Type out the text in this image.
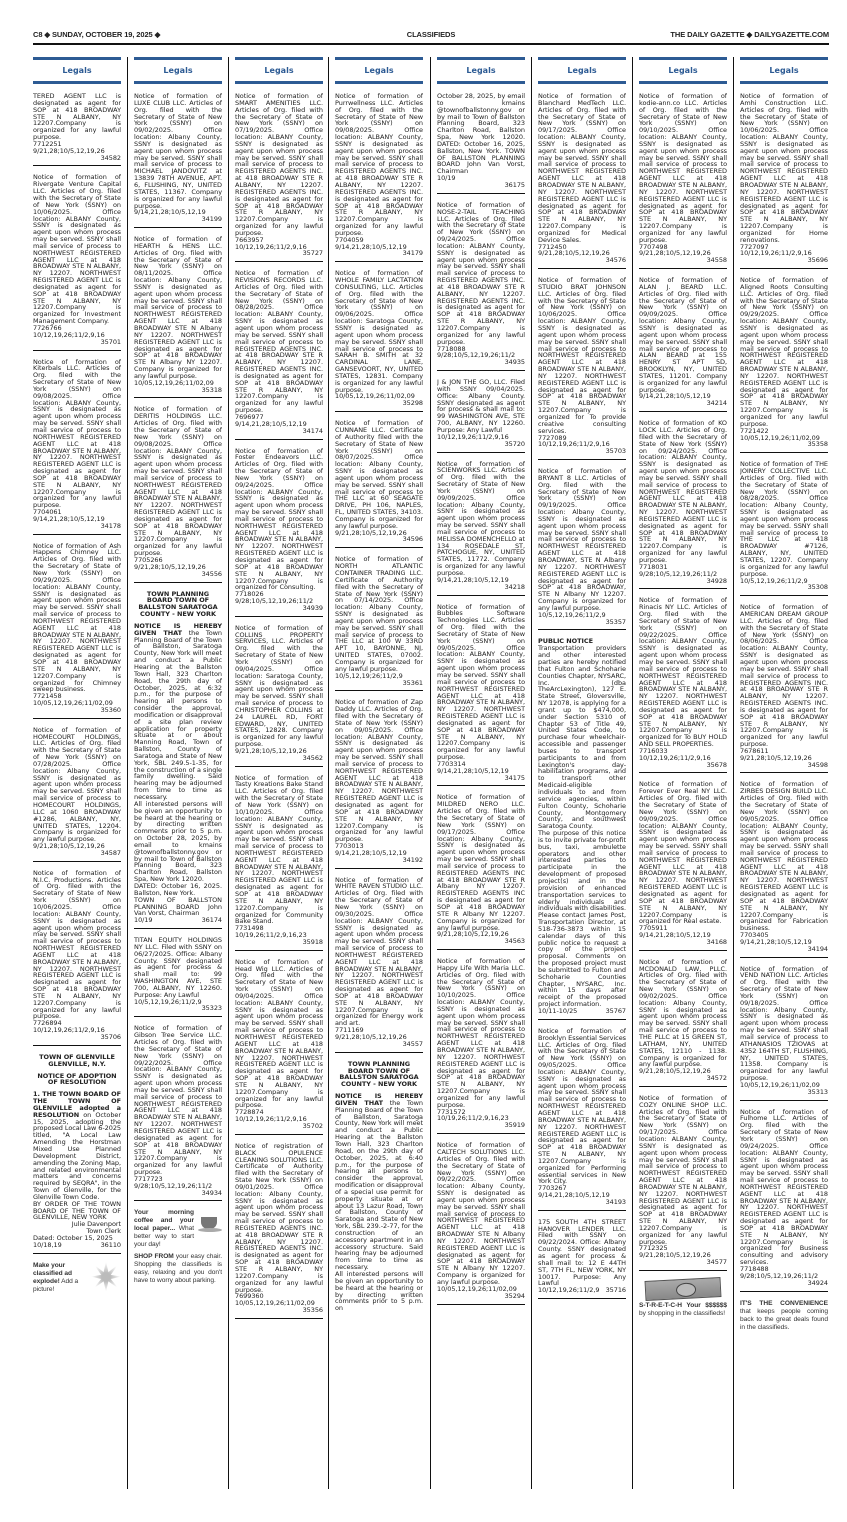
C8 ◆ SUNDAY, OCTOBER 19, 2025 ◆	CLASSIFIEDS	THE DAILY GAZETTE ◆ DAILYGAZETTE.COM
Legals

TERED AGENT LLC is designated as agent for SOP at 418 BROADWAY STE N ALBANY, NY 12207.Company is organized for any lawful purpose.

7712251
9/21,28;10/5,12,19,26
34582

Notice of formation of Rivergate Venture Capital LLC. Articles of Org. filed with the Secretary of State of New York (SSNY) on 10/06/2025. Office location: ALBANY County, SSNY is designated as agent upon whom process may be served. SSNY shall mail service of process to NORTHWEST REGISTERED AGENT LLC at 418 BROADWAY STE N ALBANY, NY 12207. NORTHWEST REGISTERED AGENT LLC is designated as agent for SOP at 418 BROADWAY STE N ALBANY, NY 12207.Company is organized for Investment Management Company.

7726766
10/12,19,26;11/2,9,16
35701

Notice of formation of Kiterbals LLC. Articles of Org. filed with the Secretary of State of New York (SSNY) on 09/08/2025. Office location: ALBANY County, SSNY is designated as agent upon whom process may be served. SSNY shall mail service of process to NORTHWEST REGISTERED AGENT LLC at 418 BROADWAY STE N ALBANY, NY 12207. NORTHWEST REGISTERED AGENT LLC is designated as agent for SOP at 418 BROADWAY STE N ALBANY, NY 12207.Company is organized for any lawful purpose.

7704061
9/14,21,28;10/5,12,19
34178

Notice of formation of Ash Happens Chimney LLC. Articles of Org. filed with the Secretary of State of New York (SSNY) on 09/29/2025. Office location: ALBANY County, SSNY is designated as agent upon whom process may be served. SSNY shall mail service of process to NORTHWEST REGISTERED AGENT LLC at 418 BROADWAY STE N ALBANY, NY 12207. NORTHWEST REGISTERED AGENT LLC is designated as agent for SOP at 418 BROADWAY STE N ALBANY, NY 12207.Company is organized for Chimney sweep business.

7721458
10/05,12,19,26;11/02,09
35360

Notice of formation of HOMECOURT HOLDINGS, LLC. Articles of Org. filed with the Secretary of State of New York (SSNY) on 07/28/2025. Office location: Albany County, SSNY is designated as agent upon whom process may be served. SSNY shall mail service of process to HOMECOURT HOLDINGS, LLC at 1060 BROADWAY #1286, ALBANY, NY, UNITED STATES, 12204. Company is organized for any lawful purpose.

9/21,28;10/5,12,19,26
34587

Notice of formation of N.I.C. Productions. Articles of Org. filed with the Secretary of State of New York (SSNY) on 10/06/2025. Office location: ALBANY County, SSNY is designated as agent upon whom process may be served. SSNY shall mail service of process to NORTHWEST REGISTERED AGENT LLC at 418 BROADWAY STE N ALBANY, NY 12207. NORTHWEST REGISTERED AGENT LLC is designated as agent for SOP at 418 BROADWAY STE N ALBANY, NY 12207.Company is organized for any lawful purpose.

7726894
10/12,19,26;11/2,9,16
35706
TOWN OF GLENVILLE GLENVILLE, N.Y.
NOTICE OF ADOPTION OF RESOLUTION

1. THE TOWN BOARD OF THE TOWN OF GLENVILLE adopted a RESOLUTION on October 15, 2025, adopting the proposed Local Law 6-2025 titled, "A Local Law Amending the Horstman Mixed Use Planned Development District, amending the Zoning Map, and related environmental matters and concerns required by SEQRA", in the Town of Glenville, for the Glenville Town Code.

BY ORDER OF THE TOWN BOARD OF THE TOWN OF GLENVILLE, NEW YORK

Julie Davenport

Town Clerk

Dated: October 15, 2025

10/18,19	36110
Make your classified ad explode! Add a picture!
Legals

Notice of formation of LUXE CLUB LLC. Articles of Org. filed with the Secretary of State of New York (SSNY) on 09/02/2025. Office location: Albany County, SSNY is designated as agent upon whom process may be served. SSNY shall mail service of process to MICHAEL JANDOVITZ at 13839 78TH AVENUE, APT. 6, FLUSHING, NY, UNITED STATES, 11367. Company is organized for any lawful purpose.

9/14,21,28;10/5,12,19
34199

Notice of formation of HEARTH & HENS LLC. Articles of Org. filed with the Secretary of State of New York (SSNY) on 08/11/2025. Office location: Albany County, SSNY is designated as agent upon whom process may be served. SSNY shall mail service of process to NORTHWEST REGISTERED AGENT LLC at 418 BROADWAY STE N Albany NY 12207. NORTHWEST REGISTERED AGENT LLC is designated as agent for SOP at 418 BROADWAY STE N Albany NY 12207. Company is organized for any lawful purpose.

10/05,12,19,26;11/02,09
35318

Notice of formation of DERITIS HOLDINGS LLC. Articles of Org. filed with the Secretary of State of New York (SSNY) on 09/08/2025. Office location: ALBANY County, SSNY is designated as agent upon whom process may be served. SSNY shall mail service of process to NORTHWEST REGISTERED AGENT LLC at 418 BROADWAY STE N ALBANY, NY 12207. NORTHWEST REGISTERED AGENT LLC is designated as agent for SOP at 418 BROADWAY STE N ALBANY, NY 12207.Company is organized for any lawful purpose.

7705266
9/21,28;10/5,12,19,26
34556
TOWN PLANNING BOARD TOWN OF BALLSTON SARATOGA COUNTY - NEW YORK

NOTICE IS HEREBY GIVEN THAT the Town Planning Board of the Town of Ballston, Saratoga County, New York will meet and conduct a Public Hearing at the Ballston Town Hall, 323 Charlton Road, the 29th day of October, 2025, at 6:32 p.m., for the purpose of hearing all persons to consider the approval, modification or disapproval of a site plan review application for property situate at or about Manning Road, Town of Ballston, County of Saratoga and State of New York, SBL 249.5-1-35, for the construction of a single family dwelling. Said hearing may be adjourned from time to time as necessary.

All interested persons will be given an opportunity to be heard at the hearing or by directing written comments prior to 5 p.m. on October 28, 2025, by email to kmains @townofballstonny.gov or by mail to Town of Ballston Planning Board, 323 Charlton Road, Ballston Spa, New York 12020.

DATED: October 16, 2025. Ballston, New York.

TOWN OF BALLSTON PLANNING BOARD John Van Vorst, Chairman

10/19	36174

TITAN EQUITY HOLDINGS NY LLC. Filed with SSNY on 06/27/2025. Office: Albany County. SSNY designated as agent for process & shall mail to: 99 WASHINGTON AVE, STE 700, ALBANY, NY 12260. Purpose: Any Lawful

10/5,12,19,26;11/2,9
35323

Notice of formation of Gibson Tree Service LLC. Articles of Org. filed with the Secretary of State of New York (SSNY) on 09/22/2025. Office location: ALBANY County, SSNY is designated as agent upon whom process may be served. SSNY shall mail service of process to NORTHWEST REGISTERED AGENT LLC at 418 BROADWAY STE N ALBANY, NY 12207. NORTHWEST REGISTERED AGENT LLC is designated as agent for SOP at 418 BROADWAY STE N ALBANY, NY 12207.Company is organized for any lawful purpose.

7717723
9/28;10/5,12,19,26;11/2
34934
Your morning coffee and your local paper... What better way to start your day!
SHOP FROM your easy chair. Shopping the classifieds is easy, relaxing and you don't have to worry about parking.
Legals

Notice of formation of SMART AMENITIES LLC. Articles of Org. filed with the Secretary of State of New York (SSNY) on 07/19/2025. Office location: ALBANY County, SSNY is designated as agent upon whom process may be served. SSNY shall mail service of process to REGISTERED AGENTS INC. at 418 BROADWAY STE R ALBANY, NY 12207. REGISTERED AGENTS INC. is designated as agent for SOP at 418 BROADWAY STE R ALBANY, NY 12207.Company is organized for any lawful purpose.

7663957
10/12,19,26;11/2,9,16
35727

Notice of formation of REVISIONS RECORDS LLC. Articles of Org. filed with the Secretary of State of New York (SSNY) on 08/28/2025. Office location: ALBANY County, SSNY is designated as agent upon whom process may be served. SSNY shall mail service of process to REGISTERED AGENTS INC. at 418 BROADWAY STE R ALBANY, NY 12207. REGISTERED AGENTS INC. is designated as agent for SOP at 418 BROADWAY STE R ALBANY, NY 12207.Company is organized for any lawful purpose.

7696977
9/14,21,28;10/5,12,19
34174

Notice of formation of Foster Endeavors LLC. Articles of Org. filed with the Secretary of State of New York (SSNY) on 09/24/2025. Office location: ALBANY County, SSNY is designated as agent upon whom process may be served. SSNY shall mail service of process to NORTHWEST REGISTERED AGENT LLC at 418 BROADWAY STE N ALBANY, NY 12207. NORTHWEST REGISTERED AGENT LLC is designated as agent for SOP at 418 BROADWAY STE N ALBANY, NY 12207.Company is organized for Consulting.

7718026
9/28;10/5,12,19,26;11/2
34939

Notice of formation of COLLINS PROPERTY SERVICES, LLC. Articles of Org. filed with the Secretary of State of New York (SSNY) on 09/04/2025. Office location: Saratoga County, SSNY is designated as agent upon whom process may be served. SSNY shall mail service of process to CHRISTOPHER COLLINS at 24 LAUREL RD, FORT EDWARD, NY, UNITED STATES, 12828. Company is organized for any lawful purpose.

9/21,28;10/5,12,19,26
34562

Notice of formation of Tasty Kreations Bake Stand LLC. Articles of Org. filed with the Secretary of State of New York (SSNY) on 10/10/2025. Office location: ALBANY County, SSNY is designated as agent upon whom process may be served. SSNY shall mail service of process to NORTHWEST REGISTERED AGENT LLC at 418 BROADWAY STE N ALBANY, NY 12207. NORTHWEST REGISTERED AGENT LLC is designated as agent for SOP at 418 BROADWAY STE N ALBANY, NY 12207.Company is organized for Community Bake Stand.

7731498
10/19,26;11/2,9,16,23
35918

Notice of formation of Head Wig LLC. Articles of Org. filed with the Secretary of State of New York (SSNY) on 09/04/2025. Office location: ALBANY County, SSNY is designated as agent upon whom process may be served. SSNY shall mail service of process to NORTHWEST REGISTERED AGENT LLC at 418 BROADWAY STE N ALBANY, NY 12207. NORTHWEST REGISTERED AGENT LLC is designated as agent for SOP at 418 BROADWAY STE N ALBANY, NY 12207.Company is organized for any lawful purpose.

7728874
10/12,19,26;11/2,9,16
35702

Notice of registration of BLACK OPULENCE CLEANING SOLUTIONS LLC. Certificate of Authority filed with the Secretary of State New York (SSNY) on 09/01/2025. Office location: Albany County, SSNY is designated as agent upon whom process may be served. SSNY shall mail service of process to REGISTERED AGENTS INC. at 418 BROADWAY STE R ALBANY, NY 12207. REGISTERED AGENTS INC. is designated as agent for SOP at 418 BROADWAY STE R ALBANY, NY 12207.Company is organized for any lawful purpose.

7699360
10/05,12,19,26;11/02,09
35356
Legals

Notice of formation of Purrwellness LLC. Articles of Org. filed with the Secretary of State of New York (SSNY) on 09/08/2025. Office location: ALBANY County, SSNY is designated as agent upon whom process may be served. SSNY shall mail service of process to REGISTERED AGENTS INC. at 418 BROADWAY STE R ALBANY, NY 12207. REGISTERED AGENTS INC. is designated as agent for SOP at 418 BROADWAY STE R ALBANY, NY 12207.Company is organized for any lawful purpose.

7704059
9/14,21,28;10/5,12,19
34179

Notice of formation of WHOLE FAMILY LACTATION CONSULTING, LLC. Articles of Org. filed with the Secretary of State of New York (SSNY) on 09/06/2025. Office location: Saratoga County, SSNY is designated as agent upon whom process may be served. SSNY shall mail service of process to SARAH B. SMITH at 32 CARDINAL LANE, GANSEVOORT, NY, UNITED STATES, 12831. Company is organized for any lawful purpose.

10/05,12,19,26;11/02,09
35298

Notice of formation of CUNNANE LLC. Certificate of Authority filed with the Secretary of State of New York (SSNY) on 08/07/2025. Office location: Albany County, SSNY is designated as agent upon whom process may be served. SSNY shall mail service of process to THE LLC at 60 SEAGATE DRIVE, PH 106, NAPLES, FL, UNITED STATES, 34103. Company is organized for any lawful purpose.

9/21,28;10/5,12,19,26
34596

Notice of formation of NORTH ATLANTIC CONTAINER TRADING LLC. Certificate of Authority filed with the Secretary of State of New York (SSNY) on 07/14/2025. Office location: Albany County, SSNY is designated as agent upon whom process may be served. SSNY shall mail service of process to THE LLC at 100 W 33RD APT 10, BAYONNE, NJ, UNITED STATES, 07002. Company is organized for any lawful purpose.

10/5,12,19;26;11/2,9
35361

Notice of formation of Zap Daddy LLC. Articles of Org. filed with the Secretary of State of New York (SSNY) on 09/05/2025. Office location: ALBANY County, SSNY is designated as agent upon whom process may be served. SSNY shall mail service of process to NORTHWEST REGISTERED AGENT LLC at 418 BROADWAY STE N ALBANY, NY 12207. NORTHWEST REGISTERED AGENT LLC is designated as agent for SOP at 418 BROADWAY STE N ALBANY, NY 12207.Company is organized for any lawful purpose.

7703013
9/14,21,28;10/5,12,19
34192

Notice of formation of WHITE RAVEN STUDIO LLC. Articles of Org. filed with the Secretary of State of New York (SSNY) on 09/30/2025. Office location: ALBANY County, SSNY is designated as agent upon whom process may be served. SSNY shall mail service of process to NORTHWEST REGISTERED AGENT LLC at 418 BROADWAY STE N ALBANY, NY 12207. NORTHWEST REGISTERED AGENT LLC is designated as agent for SOP at 418 BROADWAY STE N ALBANY, NY 12207.Company is organized for Energy work and art.

7711169
9/21,28;10/5,12,19,26
34557
TOWN PLANNING BOARD TOWN OF BALLSTON SARATOGA COUNTY - NEW YORK

NOTICE IS HEREBY GIVEN THAT the Town Planning Board of the Town of Ballston, Saratoga County, New York will meet and conduct a Public Hearing at the Ballston Town Hall, 323 Charlton Road, on the 29th day of October, 2025, at 6:40 p.m., for the purpose of hearing all persons to consider the approval, modification or disapproval of a special use permit for property situate at or about 13 Lazur Road, Town of Ballston, County of Saratoga and State of New York, SBL 239.-2-77, for the construction of an accessory apartment in an accessory structure. Said hearing may be adjourned from time to time as necessary.

All interested persons will be given an opportunity to be heard at the hearing or by directing written comments prior to 5 p.m. on

Legals

October 28, 2025, by email to kmains @townofballstonny.gov or by mail to Town of Ballston Planning Board, 323 Charlton Road, Ballston Spa, New York 12020. DATED: October 16, 2025, Ballston, New York. TOWN OF BALLSTON PLANNING BOARD John Van Vorst, Chairman

10/19
36175

Notice of formation of NOSE-2-TAIL TEACHING LLC. Articles of Org. filed with the Secretary of State of New York (SSNY) on 09/24/2025. Office location: ALBANY County, SSNY is designated as agent upon whom process may be served. SSNY shall mail service of process to REGISTERED AGENTS INC. at 418 BROADWAY STE R ALBANY, NY 12207. REGISTERED AGENTS INC. is designated as agent for SOP at 418 BROADWAY STE R ALBANY, NY 12207.Company is organized for any lawful purpose.

7718088
9/28;10/5,12,19,26;11/2
34935

J & JON THE GO, LLC. Filed with SSNY 09/04/2025. Office: Albany County. SSNY designated as agent for process & shall mail to: 99 WASHINGTON AVE, STE 700, ALBANY, NY 12260. Purpose: Any Lawful

10/12,19,26;11/2,9,16
35720

Notice of formation of SCIENWORKS LLC. Articles of Org. filed with the Secretary of State of New York (SSNY) on 09/09/2025. Office location: Albany County, SSNY is designated as agent upon whom process may be served. SSNY shall mail service of process to MELISSA DOMENCHELLO at 134 ROSEDALE ST, PATCHOGUE, NY, UNITED STATES, 11772. Company is organized for any lawful purpose.

9/14,21,28;10/5,12,19
34218

Notice of formation of Bubbles Software Technologies LLC. Articles of Org. filed with the Secretary of State of New York (SSNY) on 09/05/2025. Office location: ALBANY County, SSNY is designated as agent upon whom process may be served. SSNY shall mail service of process to NORTHWEST REGISTERED AGENT LLC at 418 BROADWAY STE N ALBANY, NY 12207. NORTHWEST REGISTERED AGENT LLC is designated as agent for SOP at 418 BROADWAY STE N ALBANY, NY 12207.Company is organized for any lawful purpose.

7703314
9/14,21,28;10/5,12,19
34175

Notice of formation of MILDRED NERO LLC. Articles of Org. filed with the Secretary of State of New York (SSNY) on 09/17/2025. Office location: Albany County, SSNY is designated as agent upon whom process may be served. SSNY shall mail service of process to REGISTERED AGENTS INC at 418 BROADWAY STE R Albany NY 12207. REGISTERED AGENTS INC is designated as agent for SOP at 418 BROADWAY STE R Albany NY 12207. Company is organized for any lawful purpose.

9/21,28;10/5,12,19,26
34563

Notice of formation of Happy Life With Maria LLC. Articles of Org. filed with the Secretary of State of New York (SSNY) on 10/10/2025. Office location: ALBANY County, SSNY is designated as agent upon whom process may be served. SSNY shall mail service of process to NORTHWEST REGISTERED AGENT LLC at 418 BROADWAY STE N ALBANY, NY 12207. NORTHWEST REGISTERED AGENT LLC is designated as agent for SOP at 418 BROADWAY STE N ALBANY, NY 12207.Company is organized for any lawful purpose.

7731572
10/19,26;11/2,9,16,23
35919

Notice of formation of CALTECH SOLUTIONS LLC. Articles of Org. filed with the Secretary of State of New York (SSNY) on 09/22/2025. Office location: Albany County, SSNY is designated as agent upon whom process may be served. SSNY shall mail service of process to NORTHWEST REGISTERED AGENT LLC at 418 BROADWAY STE N Albany NY 12207. NORTHWEST REGISTERED AGENT LLC is designated as agent for SOP at 418 BROADWAY STE N Albany NY 12207. Company is organized for any lawful purpose.

10/05,12,19,26;11/02,09
35294
Legals

Notice of formation of Blanchard MedTech LLC. Articles of Org. filed with the Secretary of State of New York (SSNY) on 09/17/2025. Office location: ALBANY County, SSNY is designated as agent upon whom process may be served. SSNY shall mail service of process to NORTHWEST REGISTERED AGENT LLC at 418 BROADWAY STE N ALBANY, NY 12207. NORTHWEST REGISTERED AGENT LLC is designated as agent for SOP at 418 BROADWAY STE N ALBANY, NY 12207.Company is organized for Medical Device Sales.

7712450
9/21,28;10/5,12,19,26
34576

Notice of formation of STUDIO BRAT JOHNSON LLC. Articles of Org. filed with the Secretary of State of New York (SSNY) on 10/06/2025. Office location: ALBANY County, SSNY is designated as agent upon whom process may be served. SSNY shall mail service of process to NORTHWEST REGISTERED AGENT LLC at 418 BROADWAY STE N ALBANY, NY 12207. NORTHWEST REGISTERED AGENT LLC is designated as agent for SOP at 418 BROADWAY STE N ALBANY, NY 12207.Company is organized for To provide creative consulting services.

7727089
10/12,19,26;11/2,9,16
35703

Notice of formation of BRYANT 8 LLC. Articles of Org. filed with the Secretary of State of New York (SSNY) on 09/19/2025. Office location: Albany County, SSNY is designated as agent upon whom process may be served. SSNY shall mail service of process to NORTHWEST REGISTERED AGENT LLC at 418 BROADWAY, STE N Albany NY 12207. NORTHWEST REGISTERED AGENT LLC is designated as agent for SOP at 418 BROADWAY, STE N Albany NY 12207. Company is organized for any lawful purpose.

10/5,12,19,26;11/2,9
35357
PUBLIC NOTICE

Transportation providers and other interested parties are hereby notified that Fulton and Schoharie Counties Chapter, NYSARC, Inc. (dba TheArcLexington), 127 E. State Street, Gloversville, NY 12078, is applying for a grant up to $474,000, under Section 5310 of Chapter 53 of Title 49, United States Code, to purchase four wheelchair-accessible and passenger buses to transport participants to and from Lexington's day-habilitation programs, and to transport other Medicaid-eligible individuals to and from service agencies, within Fulton County, Schoharie County, Montgomery County, and southwest Saratoga County.

The purpose of this notice is to invite private for-profit bus, taxi, ambulette operators and other interested parties to participate in the development of proposed project(s) and in the provision of enhanced transportation services to elderly individuals and individuals with disabilities. Please contact James Post, Transportation Director, at 518-736-3873 within 15 calendar days of this public notice to request a copy of the project proposal. Comments on the proposed project must be submitted to Fulton and Schoharie Counties Chapter, NYSARC, Inc. within 15 days after receipt of the proposed project information.

10/11-10/25	35767

Notice of formation of Brooklyn Essential Services LLC. Articles of Org. filed with the Secretary of State of New York (SSNY) on 09/05/2025. Office location: ALBANY County, SSNY is designated as agent upon whom process may be served. SSNY shall mail service of process to NORTHWEST REGISTERED AGENT LLC at 418 BROADWAY STE N ALBANY, NY 12207. NORTHWEST REGISTERED AGENT LLC is designated as agent for SOP at 418 BROADWAY STE N ALBANY, NY 12207.Company is organized for Performing essential services in New York City.

7703267
9/14,21,28;10/5,12,19
34193

175 SOUTH 4TH STREET HANOVER LENDER LLC. Filed with SSNY on 09/22/2024. Office: Albany County. SSNY designated as agent for process & shall mail to: 12 E 44TH ST, 7TH FL, NEW YORK, NY 10017. Purpose: Any Lawful

10/12,19,26;11/2,9 35716
Legals

Notice of formation of kodie-ann.co LLC. Articles of Org. filed with the Secretary of State of New York (SSNY) on 09/10/2025. Office location: ALBANY County, SSNY is designated as agent upon whom process may be served. SSNY shall mail service of process to NORTHWEST REGISTERED AGENT LLC at 418 BROADWAY STE N ALBANY, NY 12207. NORTHWEST REGISTERED AGENT LLC is designated as agent for SOP at 418 BROADWAY STE N ALBANY, NY 12207.Company is organized for any lawful purpose.

7707498
9/21,28;10/5,12,19,26
34558

Notice of formation of ALAN J. BEARD LLC. Articles of Org. filed with the Secretary of State of New York (SSNY) on 09/09/2025. Office location: Albany County, SSNY is designated as agent upon whom process may be served. SSNY shall mail service of process to ALAN BEARD at 155 HENRY ST APT 5D, BROOKLYN, NY, UNITED STATES, 11201. Company is organized for any lawful purpose.

9/14,21,28;10/5,12,19
34214

Notice of formation of KO LOCK LLC. Articles of Org. filed with the Secretary of State of New York (SSNY) on 09/24/2025. Office location: ALBANY County, SSNY is designated as agent upon whom process may be served. SSNY shall mail service of process to NORTHWEST REGISTERED AGENT LLC at 418 BROADWAY STE N ALBANY, NY 12207. NORTHWEST REGISTERED AGENT LLC is designated as agent for SOP at 418 BROADWAY STE N ALBANY, NY 12207.Company is organized for any lawful purpose.

7718031
9/28;10/5,12,19,26;11/2
34928

Notice of formation of Rinacis NY LLC. Articles of Org. filed with the Secretary of State of New York (SSNY) on 09/22/2025. Office location: ALBANY County, SSNY is designated as agent upon whom process may be served. SSNY shall mail service of process to NORTHWEST REGISTERED AGENT LLC at 418 BROADWAY STE N ALBANY, NY 12207. NORTHWEST REGISTERED AGENT LLC is designated as agent for SOP at 418 BROADWAY STE N ALBANY, NY 12207.Company is organized for To BUY HOLD AND SELL PROPERTIES.

7716033
10/12,19,26;11/2,9,16
35678

Notice of formation of Forever Ever Real NY LLC. Articles of Org. filed with the Secretary of State of New York (SSNY) on 09/09/2025. Office location: ALBANY County, SSNY is designated as agent upon whom process may be served. SSNY shall mail service of process to NORTHWEST REGISTERED AGENT LLC at 418 BROADWAY STE N ALBANY, NY 12207. NORTHWEST REGISTERED AGENT LLC is designated as agent for SOP at 418 BROADWAY STE N ALBANY, NY 12207.Company is organized for Real estate.

7705911
9/14,21,28;10/5,12,19
34168

Notice of formation of MCDONALD LAW, PLLC. Articles of Org. filed with the Secretary of State of New York (SSNY) on 09/02/2025. Office location: Albany County, SSNY is designated as agent upon whom process may be served. SSNY shall mail service of process to THE PLLC at 15 GREEN ST, LATHAM, NY, UNITED STATES, 12110 - 1138. Company is organized for any lawful purpose.

9/21,28;10/5,12,19,26
34572

Notice of formation of COZY ONLINE SHOP LLC. Articles of Org. filed with the Secretary of State of New York (SSNY) on 09/17/2025. Office location: ALBANY County, SSNY is designated as agent upon whom process may be served. SSNY shall mail service of process to NORTHWEST REGISTERED AGENT LLC at 418 BROADWAY STE N ALBANY, NY 12207. NORTHWEST REGISTERED AGENT LLC is designated as agent for SOP at 418 BROADWAY STE N ALBANY, NY 12207.Company is organized for any lawful purpose.

7712325
9/21,28;10/5,12,19,26
34577
S-T-R-E-T-C-H Your $$$$$$ by shopping in the classifieds!
Legals

Notice of formation of Amhi Construction LLC. Articles of Org. filed with the Secretary of State of New York (SSNY) on 10/06/2025. Office location: ALBANY County, SSNY is designated as agent upon whom process may be served. SSNY shall mail service of process to NORTHWEST REGISTERED AGENT LLC at 418 BROADWAY STE N ALBANY, NY 12207. NORTHWEST REGISTERED AGENT LLC is designated as agent for SOP at 418 BROADWAY STE N ALBANY, NY 12207.Company is organized for Home renovations.

7727097
10/12,19,26;11/2,9,16
35696

Notice of formation of Aligned Roots Consulting LLC. Articles of Org. filed with the Secretary of State of New York (SSNY) on 09/29/2025. Office location: ALBANY County, SSNY is designated as agent upon whom process may be served. SSNY shall mail service of process to NORTHWEST REGISTERED AGENT LLC at 418 BROADWAY STE N ALBANY, NY 12207. NORTHWEST REGISTERED AGENT LLC is designated as agent for SOP at 418 BROADWAY STE N ALBANY, NY 12207.Company is organized for any lawful purpose.

7721422
10/05,12,19,26;11/02,09
35358

Notice of formation of THE JOINERY COLLECTIVE LLC. Articles of Org. filed with the Secretary of State of New York (SSNY) on 08/28/2025. Office location: Albany County, SSNY is designated as agent upon whom process may be served. SSNY shall mail service of process to THE LLC at 418 BROADWAY #7126, ALBANY, NY, UNITED STATES, 12207. Company is organized for any lawful purpose.

10/5,12,19,26;11/2,9
35308

Notice of formation of AMERICAN DREAM GROUP LLC. Articles of Org. filed with the Secretary of State of New York (SSNY) on 08/06/2025. Office location: ALBANY County, SSNY is designated as agent upon whom process may be served. SSNY shall mail service of process to REGISTERED AGENTS INC. at 418 BROADWAY STE R ALBANY, NY 12207. REGISTERED AGENTS INC. is designated as agent for SOP at 418 BROADWAY STE R ALBANY, NY 12207.Company is organized for any lawful purpose.

7678611
9/21,28;10/5,12,19,26
34598

Notice of formation of ZIRBES DESIGN BUILD LLC. Articles of Org. filed with the Secretary of State of New York (SSNY) on 09/05/2025. Office location: ALBANY County, SSNY is designated as agent upon whom process may be served. SSNY shall mail service of process to NORTHWEST REGISTERED AGENT LLC at 418 BROADWAY STE N ALBANY, NY 12207. NORTHWEST REGISTERED AGENT LLC is designated as agent for SOP at 418 BROADWAY STE N ALBANY, NY 12207.Company is organized for Fabrication business.

7703405
9/14,21,28;10/5,12,19
34194

Notice of formation of VEND NATION LLC. Articles of Org. filed with the Secretary of State of New York (SSNY) on 09/18/2025. Office location: Albany County, SSNY is designated as agent upon whom process may be served. SSNY shall mail service of process to ATHANASIOS TZIOVAS at 4352 164TH ST, FLUSHING, NY, UNITED STATES, 11358. Company is organized for any lawful purpose.

10/05,12,19,26;11/02,09
35313

Notice of formation of Fulhome LLC. Articles of Org. filed with the Secretary of State of New York (SSNY) on 09/24/2025. Office location: ALBANY County, SSNY is designated as agent upon whom process may be served. SSNY shall mail service of process to NORTHWEST REGISTERED AGENT LLC at 418 BROADWAY STE N ALBANY, NY 12207. NORTHWEST REGISTERED AGENT LLC is designated as agent for SOP at 418 BROADWAY STE N ALBANY, NY 12207.Company is organized for Business consulting and advisory services.

7718488
9/28;10/5,12,19,26;11/2
34924
IT'S THE CONVENIENCE that keeps people coming back to the great deals found in the classifieds.
